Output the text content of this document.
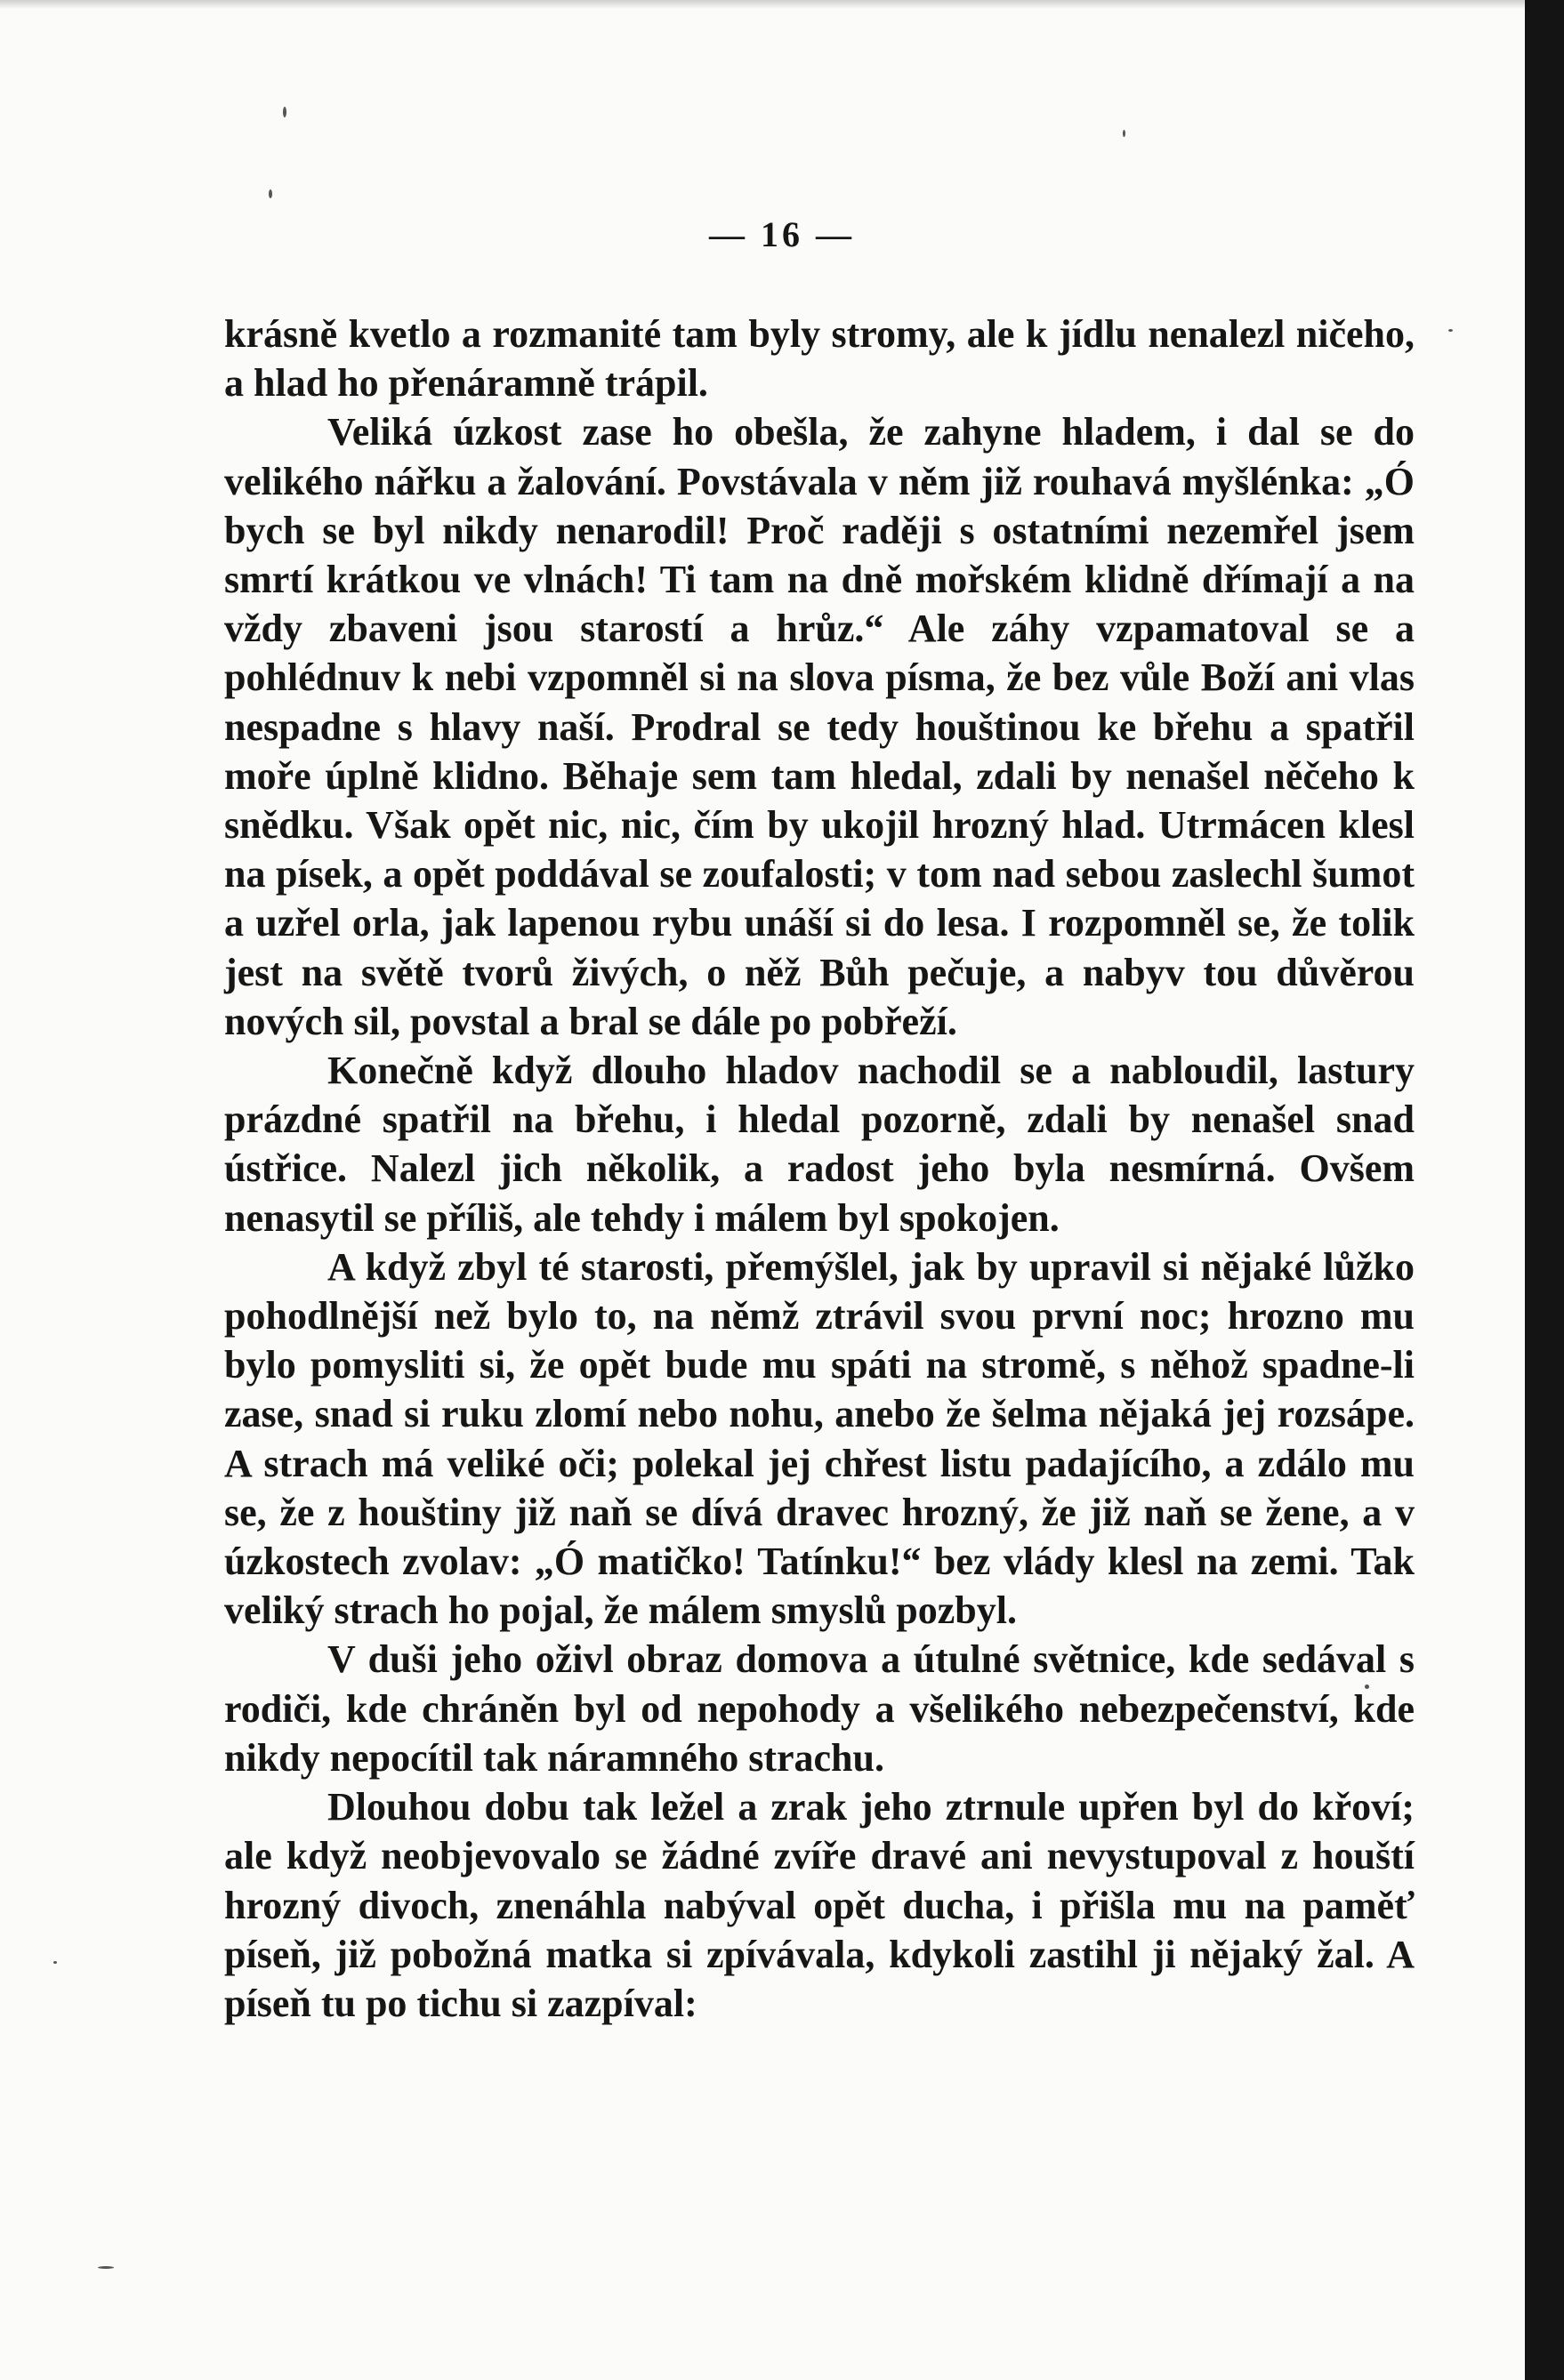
— 16 —

krásně kvetlo a rozmanité tam byly stromy, ale k jídlu nenalezl ničeho, a hlad ho přenáramně trápil.

Veliká úzkost zase ho obešla, že zahyne hladem, i dal se do velikého nářku a žalování. Povstávala v něm již rouhavá myšlénka: „Ó bych se byl nikdy nenarodil! Proč raději s ostatními nezemřel jsem smrtí krátkou ve vlnách! Ti tam na dně mořském klidně dřímají a na vždy zbaveni jsou starostí a hrůz.“ Ale záhy vzpamatoval se a pohlédnuv k nebi vzpomněl si na slova písma, že bez vůle Boží ani vlas nespadne s hlavy naší. Prodral se tedy houštinou ke břehu a spatřil moře úplně klidno. Běhaje sem tam hledal, zdali by nenašel něčeho k snědku. Však opět nic, nic, čím by ukojil hrozný hlad. Utrmácen klesl na písek, a opět poddával se zoufalosti; v tom nad sebou zaslechl šumot a uzřel orla, jak lapenou rybu unáší si do lesa. I rozpomněl se, že tolik jest na světě tvorů živých, o něž Bůh pečuje, a nabyv tou důvěrou nových sil, povstal a bral se dále po pobřeží.

Konečně když dlouho hladov nachodil se a nabloudil, lastury prázdné spatřil na břehu, i hledal pozorně, zdali by nenašel snad ústřice. Nalezl jich několik, a radost jeho byla nesmírná. Ovšem nenasytil se příliš, ale tehdy i málem byl spokojen.

A když zbyl té starosti, přemýšlel, jak by upravil si nějaké lůžko pohodlnější než bylo to, na němž ztrávil svou první noc; hrozno mu bylo pomysliti si, že opět bude mu spáti na stromě, s něhož spadne-li zase, snad si ruku zlomí nebo nohu, anebo že šelma nějaká jej rozsápe. A strach má veliké oči; polekal jej chřest listu padajícího, a zdálo mu se, že z houštiny již naň se dívá dravec hrozný, že již naň se žene, a v úzkostech zvolav: „Ó matičko! Tatínku!“ bez vlády klesl na zemi. Tak veliký strach ho pojal, že málem smyslů pozbyl.

V duši jeho oživl obraz domova a útulné světnice, kde sedával s rodiči, kde chráněn byl od nepohody a všelikého nebezpečenství, kde nikdy nepocítil tak náramného strachu.

Dlouhou dobu tak ležel a zrak jeho ztrnule upřen byl do křoví; ale když neobjevovalo se žádné zvíře dravé ani nevystupoval z houští hrozný divoch, znenáhla nabýval opět ducha, i přišla mu na paměť píseň, již pobožná matka si zpívávala, kdykoli zastihl ji nějaký žal. A píseň tu po tichu si zazpíval:
